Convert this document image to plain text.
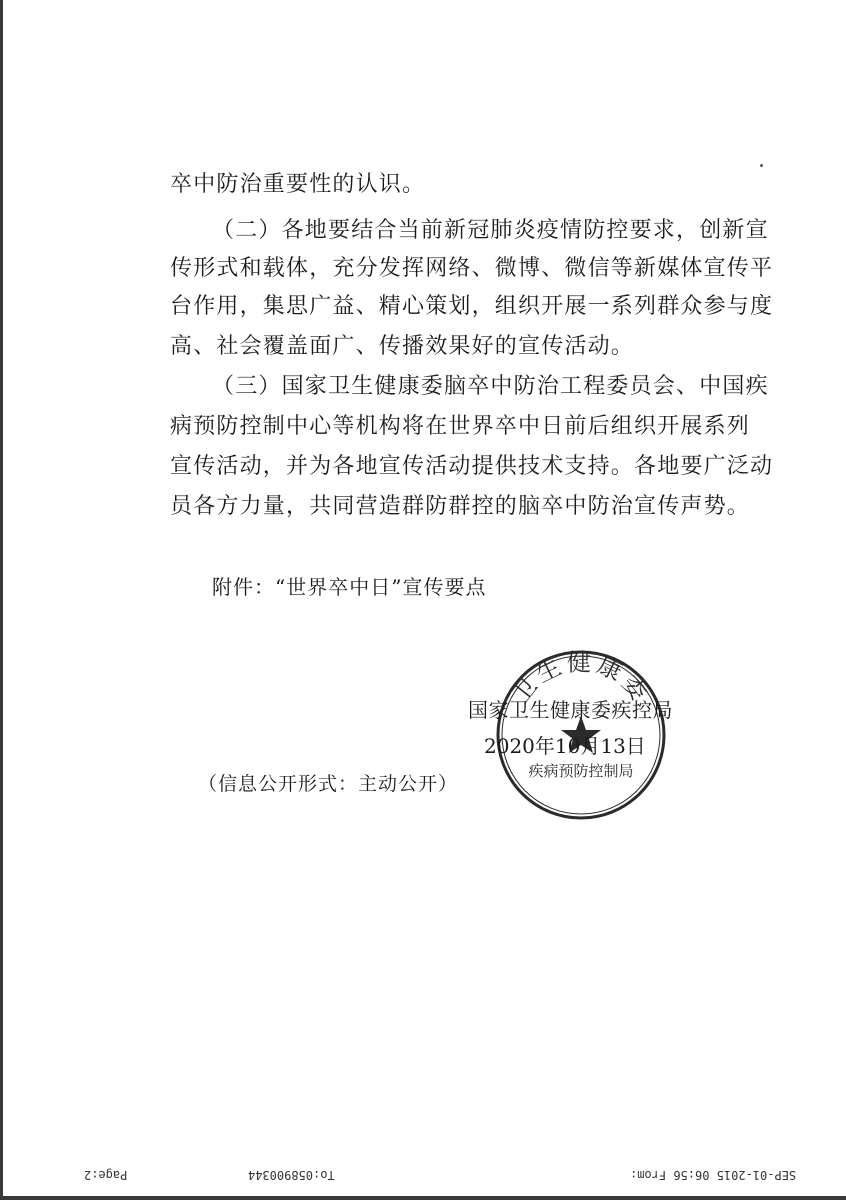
卒中防治重要性的认识。
（二）各地要结合当前新冠肺炎疫情防控要求，创新宣
传形式和载体，充分发挥网络、微博、微信等新媒体宣传平
台作用，集思广益、精心策划，组织开展一系列群众参与度
高、社会覆盖面广、传播效果好的宣传活动。
（三）国家卫生健康委脑卒中防治工程委员会、中国疾
病预防控制中心等机构将在世界卒中日前后组织开展系列
宣传活动，并为各地宣传活动提供技术支持。各地要广泛动
员各方力量，共同营造群防群控的脑卒中防治宣传声势。
附件：“世界卒中日”宣传要点
卫生健康委
疾病预防控制局
国家卫生健康委疾控局
2020年10月13日
（信息公开形式：主动公开）
Page:2	To:058900344	SEP-01-2015 06:56 From:
